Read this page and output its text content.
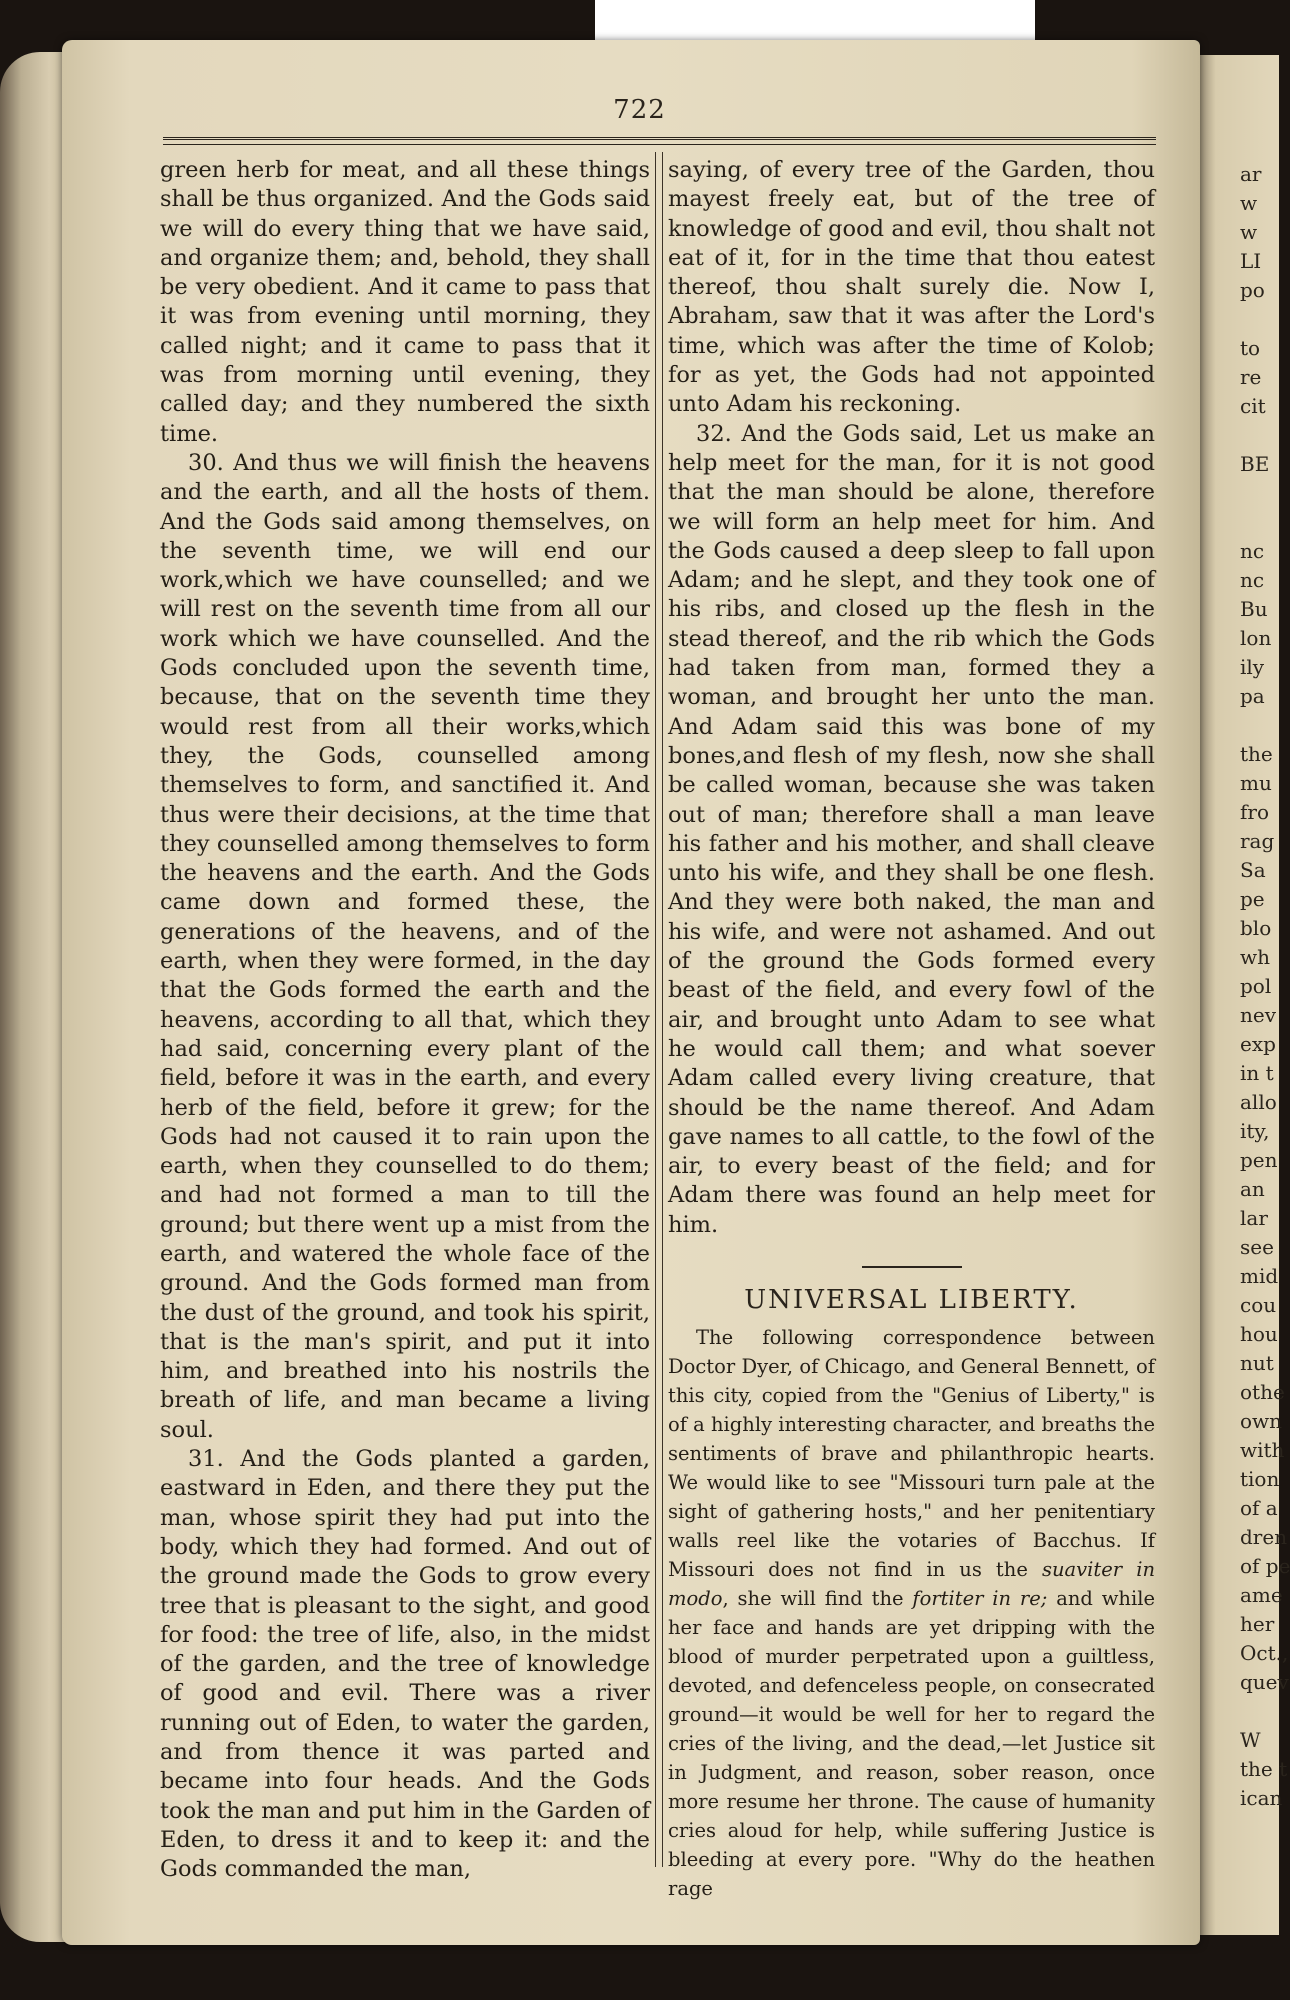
722

green herb for meat, and all these things shall be thus organized. And the Gods said we will do every thing that we have said, and organize them; and, behold, they shall be very obedient. And it came to pass that it was from evening until morning, they called night; and it came to pass that it was from morning until evening, they called day; and they numbered the sixth time.

30. And thus we will finish the heavens and the earth, and all the hosts of them. And the Gods said among themselves, on the seventh time, we will end our work,which we have counselled; and we will rest on the seventh time from all our work which we have counselled. And the Gods concluded upon the seventh time, because, that on the seventh time they would rest from all their works,which they, the Gods, counselled among themselves to form, and sanctified it. And thus were their decisions, at the time that they counselled among themselves to form the heavens and the earth. And the Gods came down and formed these, the generations of the heavens, and of the earth, when they were formed, in the day that the Gods formed the earth and the heavens, according to all that, which they had said, concerning every plant of the field, before it was in the earth, and every herb of the field, before it grew; for the Gods had not caused it to rain upon the earth, when they counselled to do them; and had not formed a man to till the ground; but there went up a mist from the earth, and watered the whole face of the ground. And the Gods formed man from the dust of the ground, and took his spirit, that is the man's spirit, and put it into him, and breathed into his nostrils the breath of life, and man became a living soul.

31. And the Gods planted a garden, eastward in Eden, and there they put the man, whose spirit they had put into the body, which they had formed. And out of the ground made the Gods to grow every tree that is pleasant to the sight, and good for food: the tree of life, also, in the midst of the garden, and the tree of knowledge of good and evil. There was a river running out of Eden, to water the garden, and from thence it was parted and became into four heads. And the Gods took the man and put him in the Garden of Eden, to dress it and to keep it: and the Gods commanded the man,

saying, of every tree of the Garden, thou mayest freely eat, but of the tree of knowledge of good and evil, thou shalt not eat of it, for in the time that thou eatest thereof, thou shalt surely die. Now I, Abraham, saw that it was after the Lord's time, which was after the time of Kolob; for as yet, the Gods had not appointed unto Adam his reckoning.

32. And the Gods said, Let us make an help meet for the man, for it is not good that the man should be alone, therefore we will form an help meet for him. And the Gods caused a deep sleep to fall upon Adam; and he slept, and they took one of his ribs, and closed up the flesh in the stead thereof, and the rib which the Gods had taken from man, formed they a woman, and brought her unto the man. And Adam said this was bone of my bones,and flesh of my flesh, now she shall be called woman, because she was taken out of man; therefore shall a man leave his father and his mother, and shall cleave unto his wife, and they shall be one flesh. And they were both naked, the man and his wife, and were not ashamed. And out of the ground the Gods formed every beast of the field, and every fowl of the air, and brought unto Adam to see what he would call them; and what soever Adam called every living creature, that should be the name thereof. And Adam gave names to all cattle, to the fowl of the air, to every beast of the field; and for Adam there was found an help meet for him.

UNIVERSAL LIBERTY.

The following correspondence between Doctor Dyer, of Chicago, and General Bennett, of this city, copied from the "Genius of Liberty," is of a highly interesting character, and breaths the sentiments of brave and philanthropic hearts. We would like to see "Missouri turn pale at the sight of gathering hosts," and her penitentiary walls reel like the votaries of Bacchus. If Missouri does not find in us the suaviter in modo, she will find the fortiter in re; and while her face and hands are yet dripping with the blood of murder perpetrated upon a guiltless, devoted, and defenceless people, on consecrated ground—it would be well for her to regard the cries of the living, and the dead,—let Justice sit in Judgment, and reason, sober reason, once more resume her throne. The cause of humanity cries aloud for help, while suffering Justice is bleeding at every pore. "Why do the heathen rage

ar
w
w
LI
po
to
re
cit
BE
nc
nc
Bu
lon
ily
pa
the
mu
fro
rag
Sa
pe
blo
wh
pol
nev
exp
in t
allo
ity,
pen
an
lar
see
mid
cou
hou
nut
othe
own
with
tion
of a
dren
of pe
ame
her
Oct.,
quev
W
the t
ican
